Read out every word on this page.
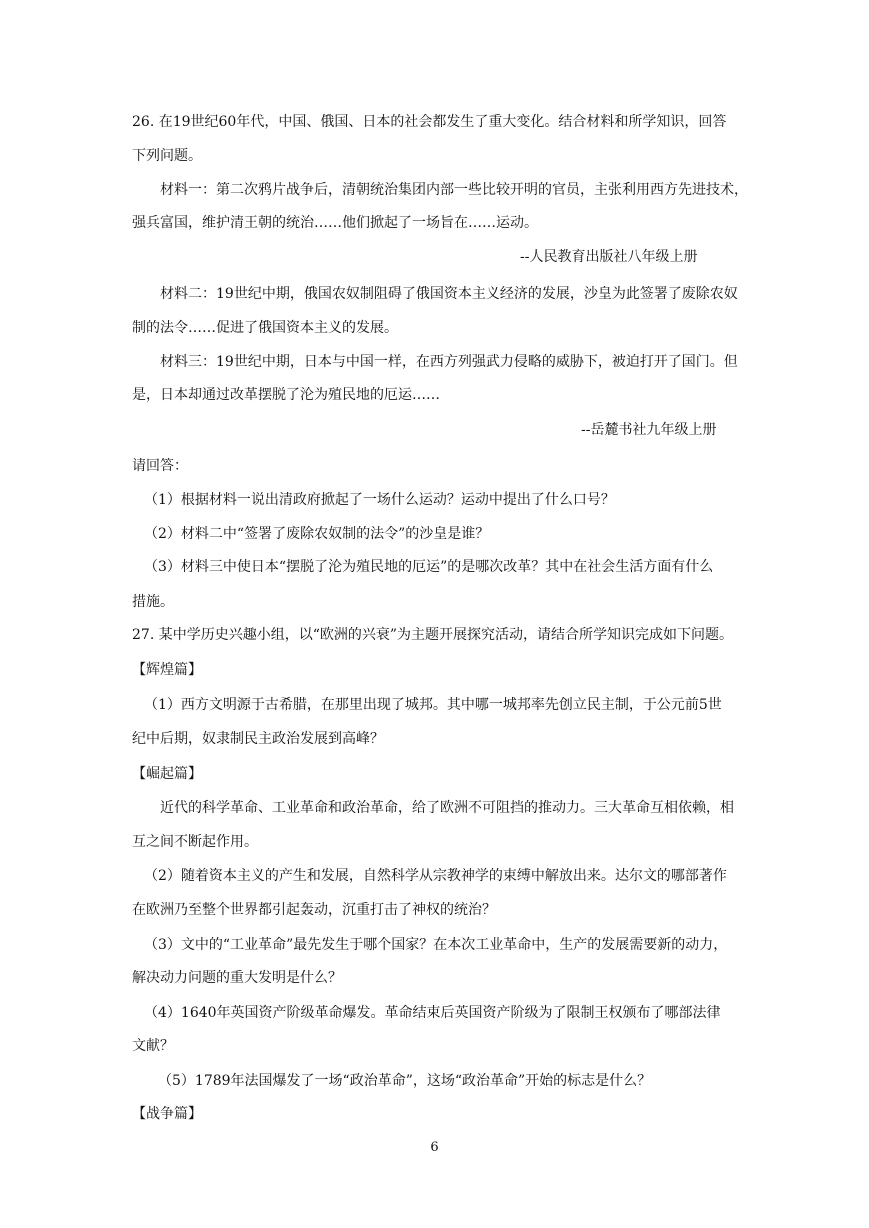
26. 在19世纪60年代，中国、俄国、日本的社会都发生了重大变化。结合材料和所学知识，回答
下列问题。
材料一：第二次鸦片战争后，清朝统治集团内部一些比较开明的官员，主张利用西方先进技术，
强兵富国，维护清王朝的统治……他们掀起了一场旨在……运动。
--人民教育出版社八年级上册
材料二：19世纪中期，俄国农奴制阻碍了俄国资本主义经济的发展，沙皇为此签署了废除农奴
制的法令……促进了俄国资本主义的发展。
材料三：19世纪中期，日本与中国一样，在西方列强武力侵略的威胁下，被迫打开了国门。但
是，日本却通过改革摆脱了沦为殖民地的厄运……
--岳麓书社九年级上册
请回答：
（1）根据材料一说出清政府掀起了一场什么运动？运动中提出了什么口号？
（2）材料二中“签署了废除农奴制的法令”的沙皇是谁？
（3）材料三中使日本“摆脱了沦为殖民地的厄运”的是哪次改革？其中在社会生活方面有什么
措施。
27. 某中学历史兴趣小组，以“欧洲的兴衰”为主题开展探究活动，请结合所学知识完成如下问题。
【辉煌篇】
（1）西方文明源于古希腊，在那里出现了城邦。其中哪一城邦率先创立民主制，于公元前5世
纪中后期，奴隶制民主政治发展到高峰？
【崛起篇】
近代的科学革命、工业革命和政治革命，给了欧洲不可阻挡的推动力。三大革命互相依赖，相
互之间不断起作用。
（2）随着资本主义的产生和发展，自然科学从宗教神学的束缚中解放出来。达尔文的哪部著作
在欧洲乃至整个世界都引起轰动，沉重打击了神权的统治？
（3）文中的“工业革命”最先发生于哪个国家？在本次工业革命中，生产的发展需要新的动力，
解决动力问题的重大发明是什么？
（4）1640年英国资产阶级革命爆发。革命结束后英国资产阶级为了限制王权颁布了哪部法律
文献？
（5）1789年法国爆发了一场“政治革命”，这场“政治革命”开始的标志是什么？
【战争篇】
6
